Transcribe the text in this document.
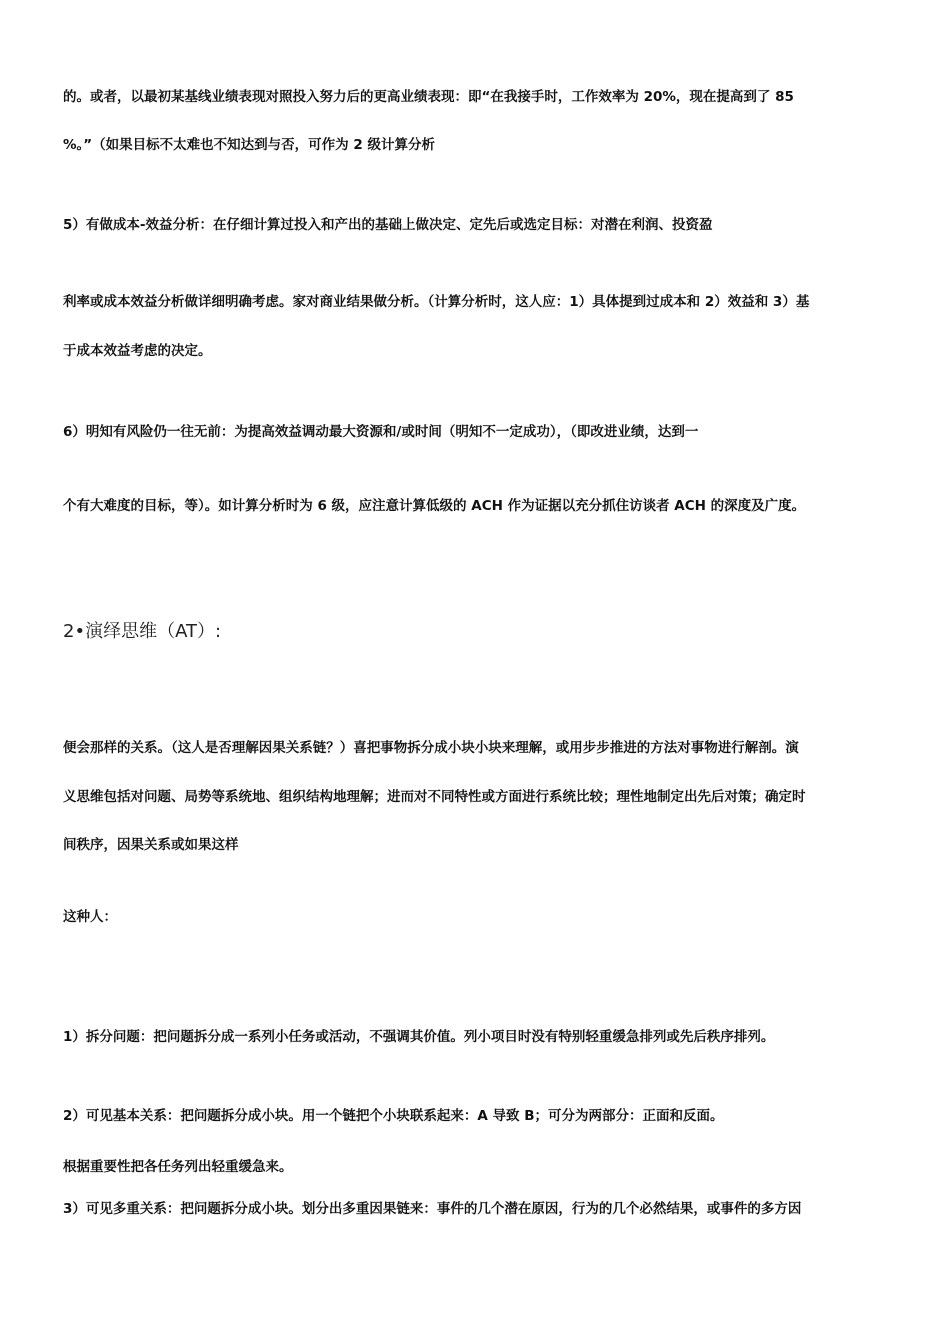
的。或者，以最初某基线业绩表现对照投入努力后的更高业绩表现：即“在我接手时，工作效率为 20%，现在提高到了 85

%。”（如果目标不太难也不知达到与否，可作为 2 级计算分析

5）有做成本-效益分析：在仔细计算过投入和产出的基础上做决定、定先后或选定目标：对潜在利润、投资盈

利率或成本效益分析做详细明确考虑。家对商业结果做分析。（计算分析时，这人应：1）具体提到过成本和 2）效益和 3）基

于成本效益考虑的决定。

6）明知有风险仍一往无前：为提高效益调动最大资源和/或时间（明知不一定成功），（即改进业绩，达到一

个有大难度的目标，等）。如计算分析时为 6 级，应注意计算低级的 ACH 作为证据以充分抓住访谈者 ACH 的深度及广度。

2•演绎思维（AT）:

便会那样的关系。（这人是否理解因果关系链？）喜把事物拆分成小块小块来理解，或用步步推进的方法对事物进行解剖。演

义思维包括对问题、局势等系统地、组织结构地理解；进而对不同特性或方面进行系统比较；理性地制定出先后对策；确定时

间秩序，因果关系或如果这样

这种人：

1）拆分问题：把问题拆分成一系列小任务或活动，不强调其价值。列小项目时没有特别轻重缓急排列或先后秩序排列。

2）可见基本关系：把问题拆分成小块。用一个链把个小块联系起来：A 导致 B；可分为两部分：正面和反面。

根据重要性把各任务列出轻重缓急来。

3）可见多重关系：把问题拆分成小块。划分出多重因果链来：事件的几个潜在原因，行为的几个必然结果，或事件的多方因
